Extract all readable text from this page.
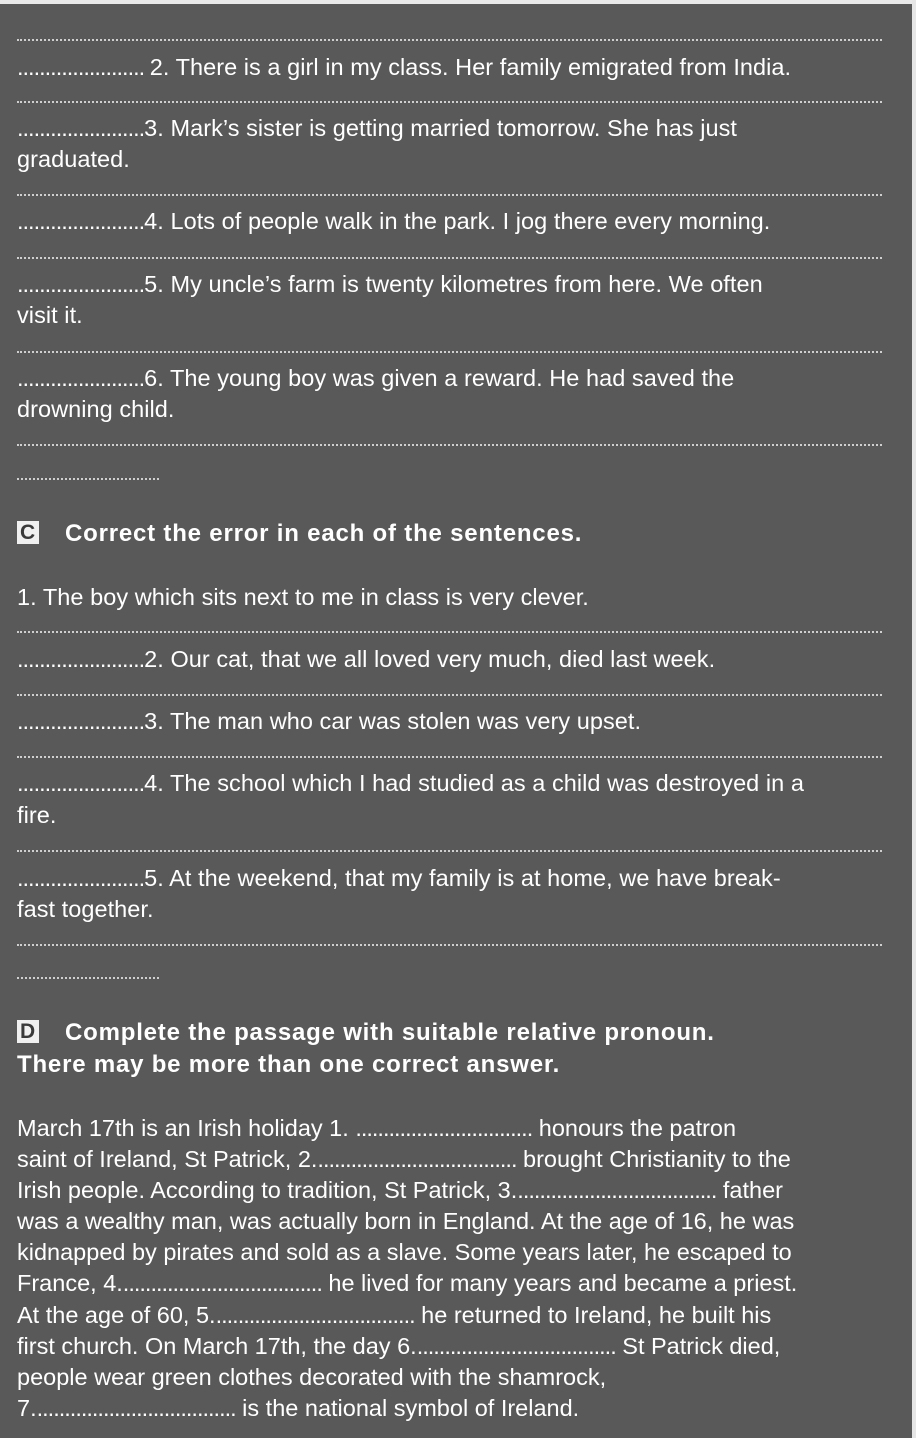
....................... 2. There is a girl in my class. Her family emigrated from India.
.......................3. Mark’s sister is getting married tomorrow. She has just
graduated.
.......................4. Lots of people walk in the park. I jog there every morning.
.......................5. My uncle’s farm is twenty kilometres from here. We often
visit it.
.......................6. The young boy was given a reward. He had saved the
drowning child.
C Correct the error in each of the sentences.
1. The boy which sits next to me in class is very clever.
.......................2. Our cat, that we all loved very much, died last week.
.......................3. The man who car was stolen was very upset.
.......................4. The school which I had studied as a child was destroyed in a
fire.
.......................5. At the weekend, that my family is at home, we have break-
fast together.
D Complete the passage with suitable relative pronoun.
There may be more than one correct answer.
March 17th is an Irish holiday 1. ................................ honours the patron
saint of Ireland, St Patrick, 2..................................... brought Christianity to the
Irish people. According to tradition, St Patrick, 3..................................... father
was a wealthy man, was actually born in England. At the age of 16, he was
kidnapped by pirates and sold as a slave. Some years later, he escaped to
France, 4..................................... he lived for many years and became a priest.
At the age of 60, 5..................................... he returned to Ireland, he built his
first church. On March 17th, the day 6..................................... St Patrick died,
people wear green clothes decorated with the shamrock,
7..................................... is the national symbol of Ireland.
